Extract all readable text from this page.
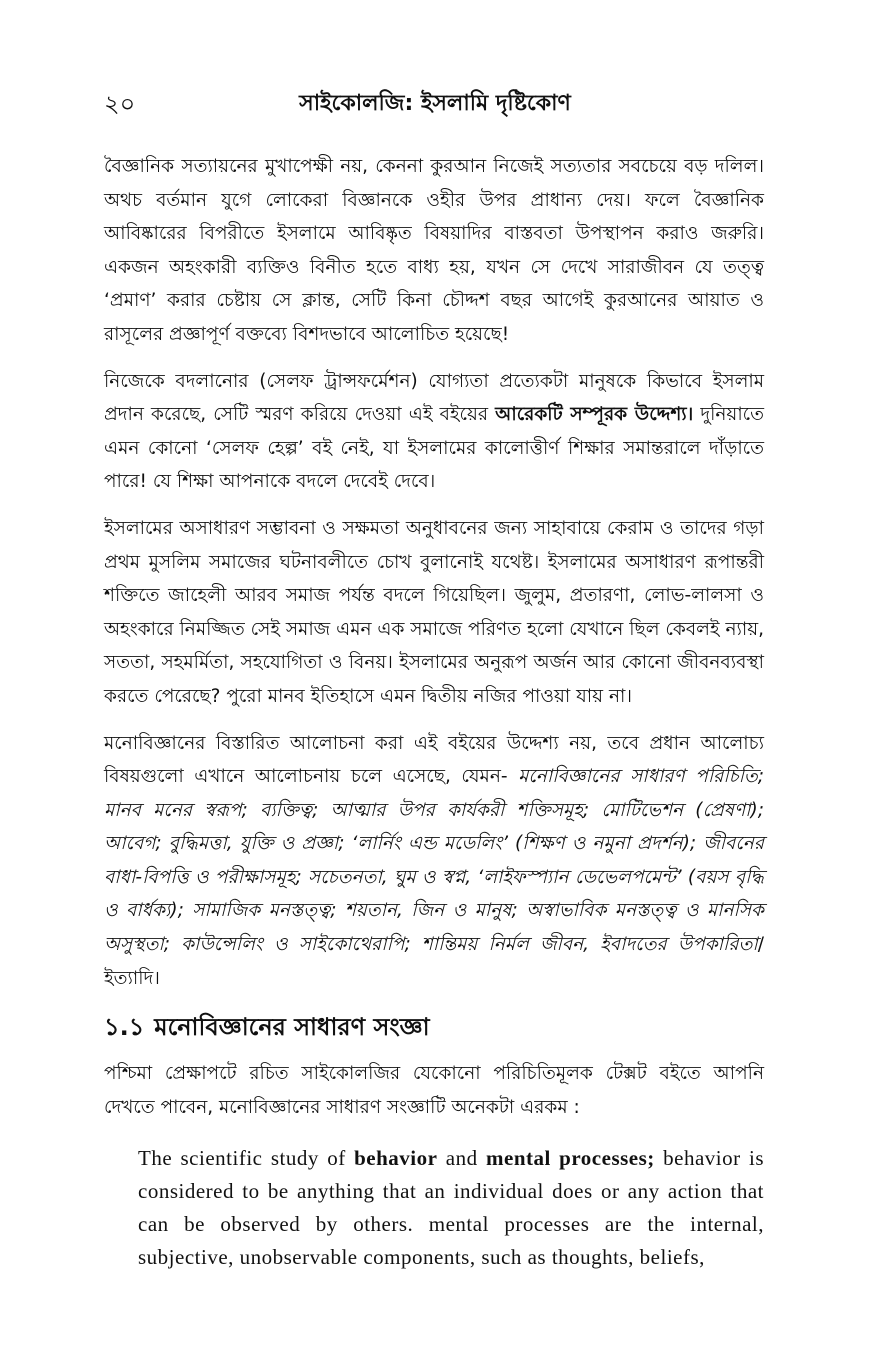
২০	সাইকোলজি: ইসলামি দৃষ্টিকোণ

বৈজ্ঞানিক সত্যায়নের মুখাপেক্ষী নয়, কেননা কুরআন নিজেই সত্যতার সবচেয়ে বড় দলিল। অথচ বর্তমান যুগে লোকেরা বিজ্ঞানকে ওহীর উপর প্রাধান্য দেয়। ফলে বৈজ্ঞানিক আবিষ্কারের বিপরীতে ইসলামে আবিষ্কৃত বিষয়াদির বাস্তবতা উপস্থাপন করাও জরুরি। একজন অহংকারী ব্যক্তিও বিনীত হতে বাধ্য হয়, যখন সে দেখে সারাজীবন যে তত্ত্ব ‘প্রমাণ’ করার চেষ্টায় সে ক্লান্ত, সেটি কিনা চৌদ্দশ বছর আগেই কুরআনের আয়াত ও রাসূলের প্রজ্ঞাপূর্ণ বক্তব্যে বিশদভাবে আলোচিত হয়েছে!

নিজেকে বদলানোর (সেলফ ট্রান্সফর্মেশন) যোগ্যতা প্রত্যেকটা মানুষকে কিভাবে ইসলাম প্রদান করেছে, সেটি স্মরণ করিয়ে দেওয়া এই বইয়ের আরেকটি সম্পূরক উদ্দেশ্য। দুনিয়াতে এমন কোনো ‘সেলফ হেল্প’ বই নেই, যা ইসলামের কালোত্তীর্ণ শিক্ষার সমান্তরালে দাঁড়াতে পারে! যে শিক্ষা আপনাকে বদলে দেবেই দেবে।

ইসলামের অসাধারণ সম্ভাবনা ও সক্ষমতা অনুধাবনের জন্য সাহাবায়ে কেরাম ও তাদের গড়া প্রথম মুসলিম সমাজের ঘটনাবলীতে চোখ বুলানোই যথেষ্ট। ইসলামের অসাধারণ রূপান্তরী শক্তিতে জাহেলী আরব সমাজ পর্যন্ত বদলে গিয়েছিল। জুলুম, প্রতারণা, লোভ-লালসা ও অহংকারে নিমজ্জিত সেই সমাজ এমন এক সমাজে পরিণত হলো যেখানে ছিল কেবলই ন্যায়, সততা, সহমর্মিতা, সহযোগিতা ও বিনয়। ইসলামের অনুরূপ অর্জন আর কোনো জীবনব্যবস্থা করতে পেরেছে? পুরো মানব ইতিহাসে এমন দ্বিতীয় নজির পাওয়া যায় না।

মনোবিজ্ঞানের বিস্তারিত আলোচনা করা এই বইয়ের উদ্দেশ্য নয়, তবে প্রধান আলোচ্য বিষয়গুলো এখানে আলোচনায় চলে এসেছে, যেমন- মনোবিজ্ঞানের সাধারণ পরিচিতি; মানব মনের স্বরূপ; ব্যক্তিত্ব; আত্মার উপর কার্যকরী শক্তিসমূহ; মোটিভেশন (প্রেষণা); আবেগ; বুদ্ধিমত্তা, যুক্তি ও প্রজ্ঞা; ‘লার্নিং এন্ড মডেলিং’ (শিক্ষণ ও নমুনা প্রদর্শন); জীবনের বাধা-বিপত্তি ও পরীক্ষাসমূহ; সচেতনতা, ঘুম ও স্বপ্ন, ‘লাইফস্প্যান ডেভেলপমেন্ট’ (বয়স বৃদ্ধি ও বার্ধক্য); সামাজিক মনস্তত্ত্ব; শয়তান, জিন ও মানুষ; অস্বাভাবিক মনস্তত্ত্ব ও মানসিক অসুস্থতা; কাউন্সেলিং ও সাইকোথেরাপি; শান্তিময় নির্মল জীবন, ইবাদতের উপকারিতা/ইত্যাদি।

১.১ মনোবিজ্ঞানের সাধারণ সংজ্ঞা

পশ্চিমা প্রেক্ষাপটে রচিত সাইকোলজির যেকোনো পরিচিতিমূলক টেক্সট বইতে আপনি দেখতে পাবেন, মনোবিজ্ঞানের সাধারণ সংজ্ঞাটি অনেকটা এরকম :

The scientific study of behavior and mental processes; behavior is considered to be anything that an individual does or any action that can be observed by others. mental processes are the internal, subjective, unobservable components, such as thoughts, beliefs,
